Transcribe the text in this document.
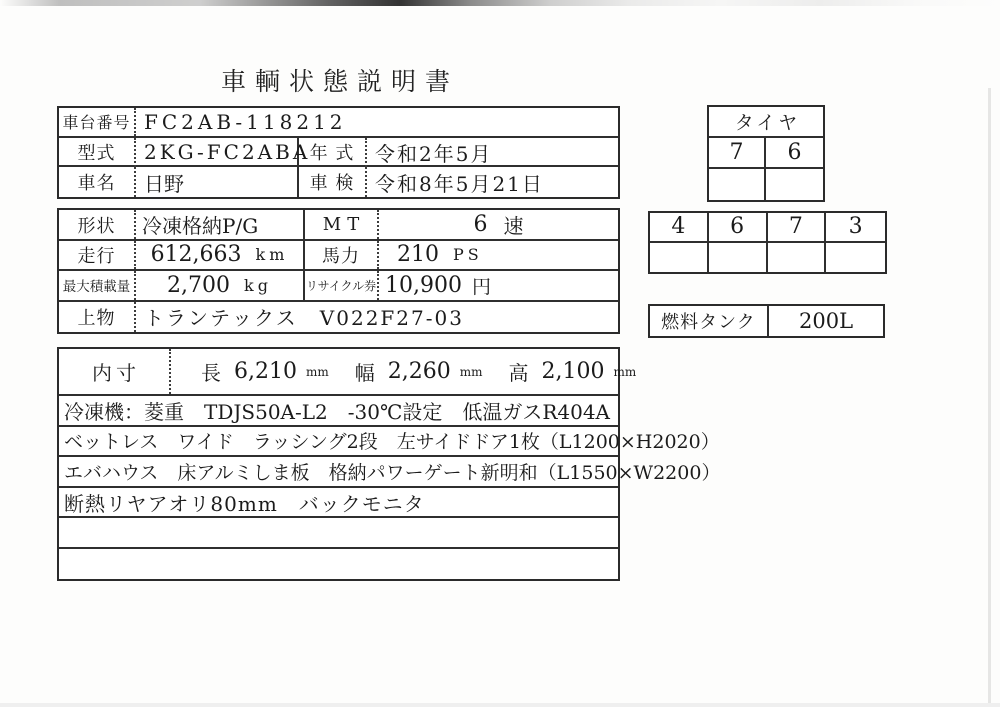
車輌状態説明書
車台番号 FC2AB-118212
型式	2KG-FC2ABA 年 式	令和2年5月
車名	日野	車 検	令和8年5月21日
形状	冷凍格納P/G	MT	6 速
走行	612,663 km	馬力	210 PS
最大積載量 2,700 kg	リサイクル券 10,900 円
上物	トランテックス　V022F27-03
内寸	長 6,210 mm 幅 2,260 mm 高 2,100 mm
冷凍機：菱重　TDJS50A-L2　-30℃設定　低温ガスR404A
ベットレス　ワイド　ラッシング2段　左サイドドア1枚（L1200×H2020）
エバハウス　床アルミしま板　格納パワーゲート新明和（L1550×W2200）
断熱リヤアオリ80mm　バックモニタ
タイヤ
7	6
4	6	7	3
燃料タンク	200L
